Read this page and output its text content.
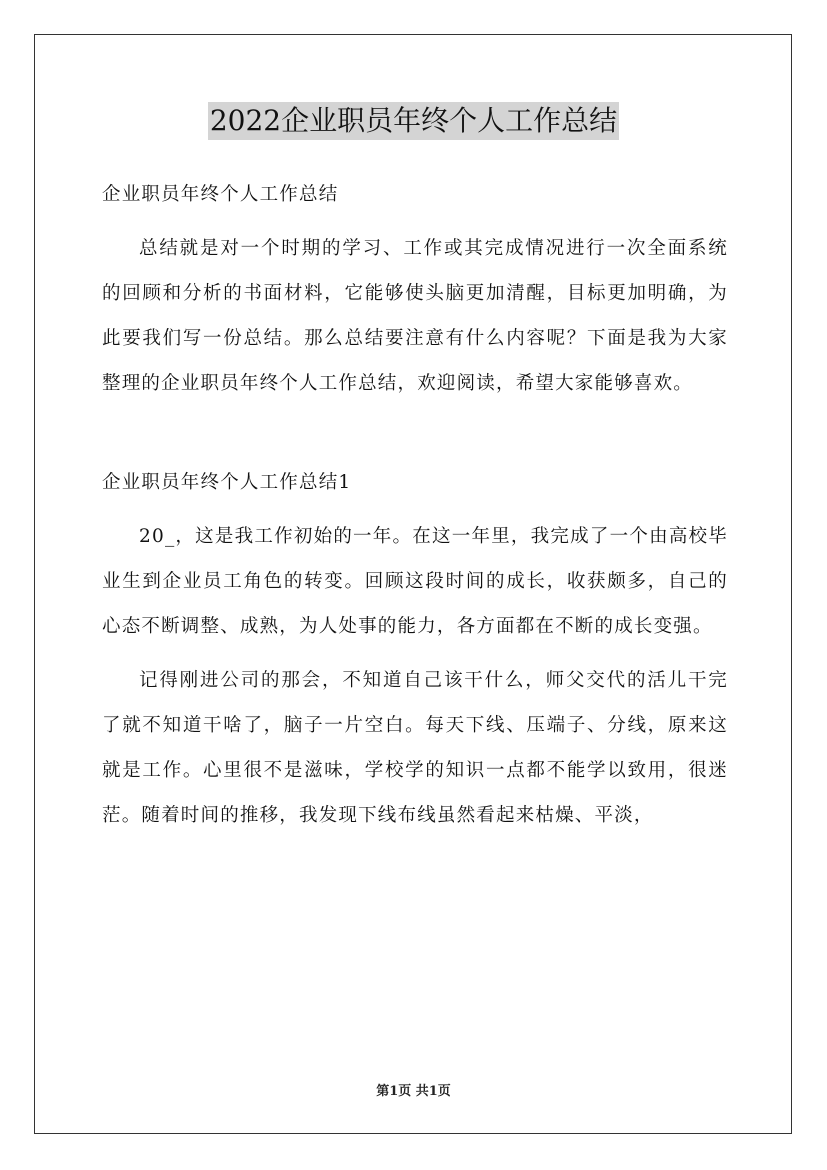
2022企业职员年终个人工作总结

企业职员年终个人工作总结

总结就是对一个时期的学习、工作或其完成情况进行一次全面系统的回顾和分析的书面材料，它能够使头脑更加清醒，目标更加明确，为此要我们写一份总结。那么总结要注意有什么内容呢？下面是我为大家整理的企业职员年终个人工作总结，欢迎阅读，希望大家能够喜欢。

企业职员年终个人工作总结1

20_，这是我工作初始的一年。在这一年里，我完成了一个由高校毕业生到企业员工角色的转变。回顾这段时间的成长，收获颇多，自己的心态不断调整、成熟，为人处事的能力，各方面都在不断的成长变强。

记得刚进公司的那会，不知道自己该干什么，师父交代的活儿干完了就不知道干啥了，脑子一片空白。每天下线、压端子、分线，原来这就是工作。心里很不是滋味，学校学的知识一点都不能学以致用，很迷茫。随着时间的推移，我发现下线布线虽然看起来枯燥、平淡，

第1页 共1页
